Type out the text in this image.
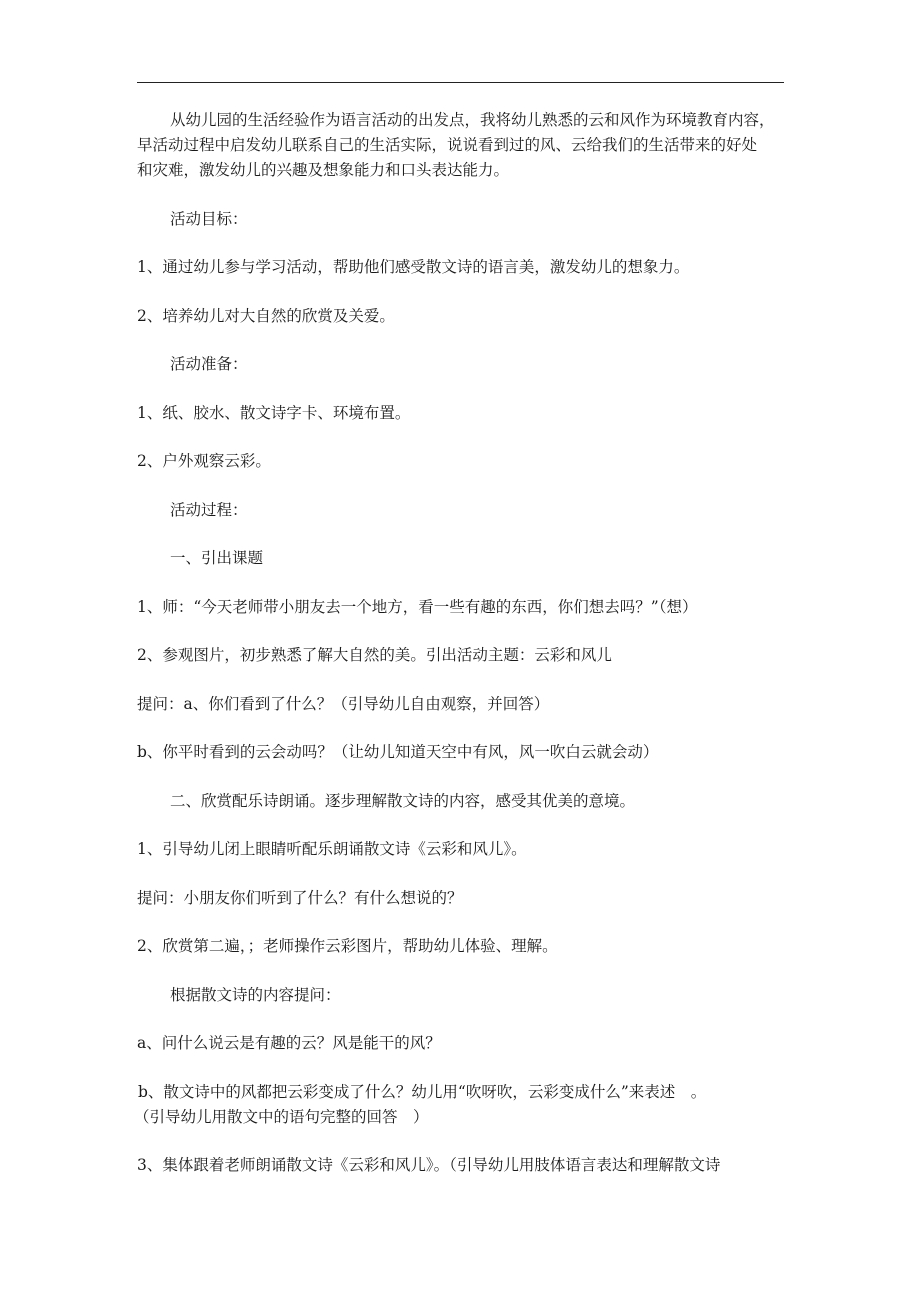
从幼儿园的生活经验作为语言活动的出发点，我将幼儿熟悉的云和风作为环境教育内容，
早活动过程中启发幼儿联系自己的生活实际，说说看到过的风、云给我们的生活带来的好处
和灾难，激发幼儿的兴趣及想象能力和口头表达能力。

活动目标：

1、通过幼儿参与学习活动，帮助他们感受散文诗的语言美，激发幼儿的想象力。

2、培养幼儿对大自然的欣赏及关爱。

活动准备：

1、纸、胶水、散文诗字卡、环境布置。

2、户外观察云彩。

活动过程：

一、引出课题

1、师：“今天老师带小朋友去一个地方，看一些有趣的东西，你们想去吗？”（想）

2、参观图片，初步熟悉了解大自然的美。引出活动主题：云彩和风儿

提问：a、你们看到了什么？（引导幼儿自由观察，并回答）

b、你平时看到的云会动吗？（让幼儿知道天空中有风，风一吹白云就会动）

二、欣赏配乐诗朗诵。逐步理解散文诗的内容，感受其优美的意境。

1、引导幼儿闭上眼睛听配乐朗诵散文诗《云彩和风儿》。

提问：小朋友你们听到了什么？有什么想说的？

2、欣赏第二遍，；老师操作云彩图片，帮助幼儿体验、理解。

根据散文诗的内容提问：

a、问什么说云是有趣的云？风是能干的风？

b、散文诗中的风都把云彩变成了什么？幼儿用“吹呀吹，云彩变成什么”来表述　。
（引导幼儿用散文中的语句完整的回答　）

3、集体跟着老师朗诵散文诗《云彩和风儿》。（引导幼儿用肢体语言表达和理解散文诗
